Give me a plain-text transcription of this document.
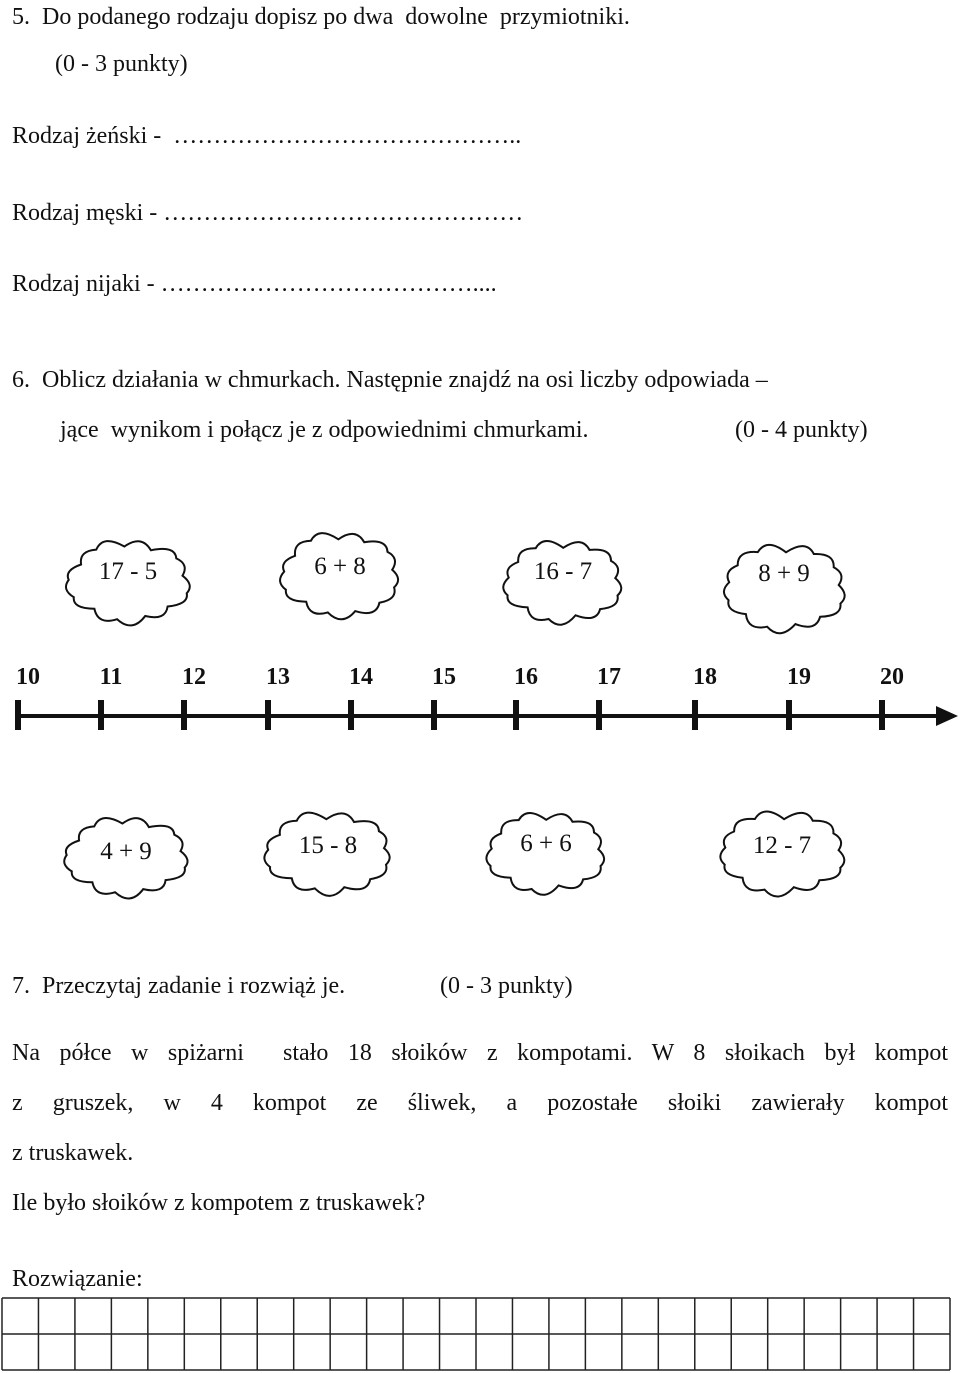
5.  Do podanego rodzaju dopisz po dwa  dowolne  przymiotniki.
(0 - 3 punkty)
Rodzaj żeński -  ……………………………………..
Rodzaj męski - ………………………………………
Rodzaj nijaki - …………………………………....
6.  Oblicz działania w chmurkach. Następnie znajdź na osi liczby odpowiada –
jące  wynikom i połącz je z odpowiednimi chmurkami.	(0 - 4 punkty)
17 - 5	6 + 8	16 - 7	8 + 9
4 + 9	15 - 8	6 + 6	12 - 7
10 11 12	13 14 15 16 17	18	19	20
7.  Przeczytaj zadanie i rozwiąż je.	(0 - 3 punkty)
Na półce w spiżarni  stało 18 słoików z kompotami. W 8 słoikach był kompot
z gruszek, w 4 kompot ze śliwek, a pozostałe słoiki zawierały kompot
z truskawek.
Ile było słoików z kompotem z truskawek?
Rozwiązanie:
